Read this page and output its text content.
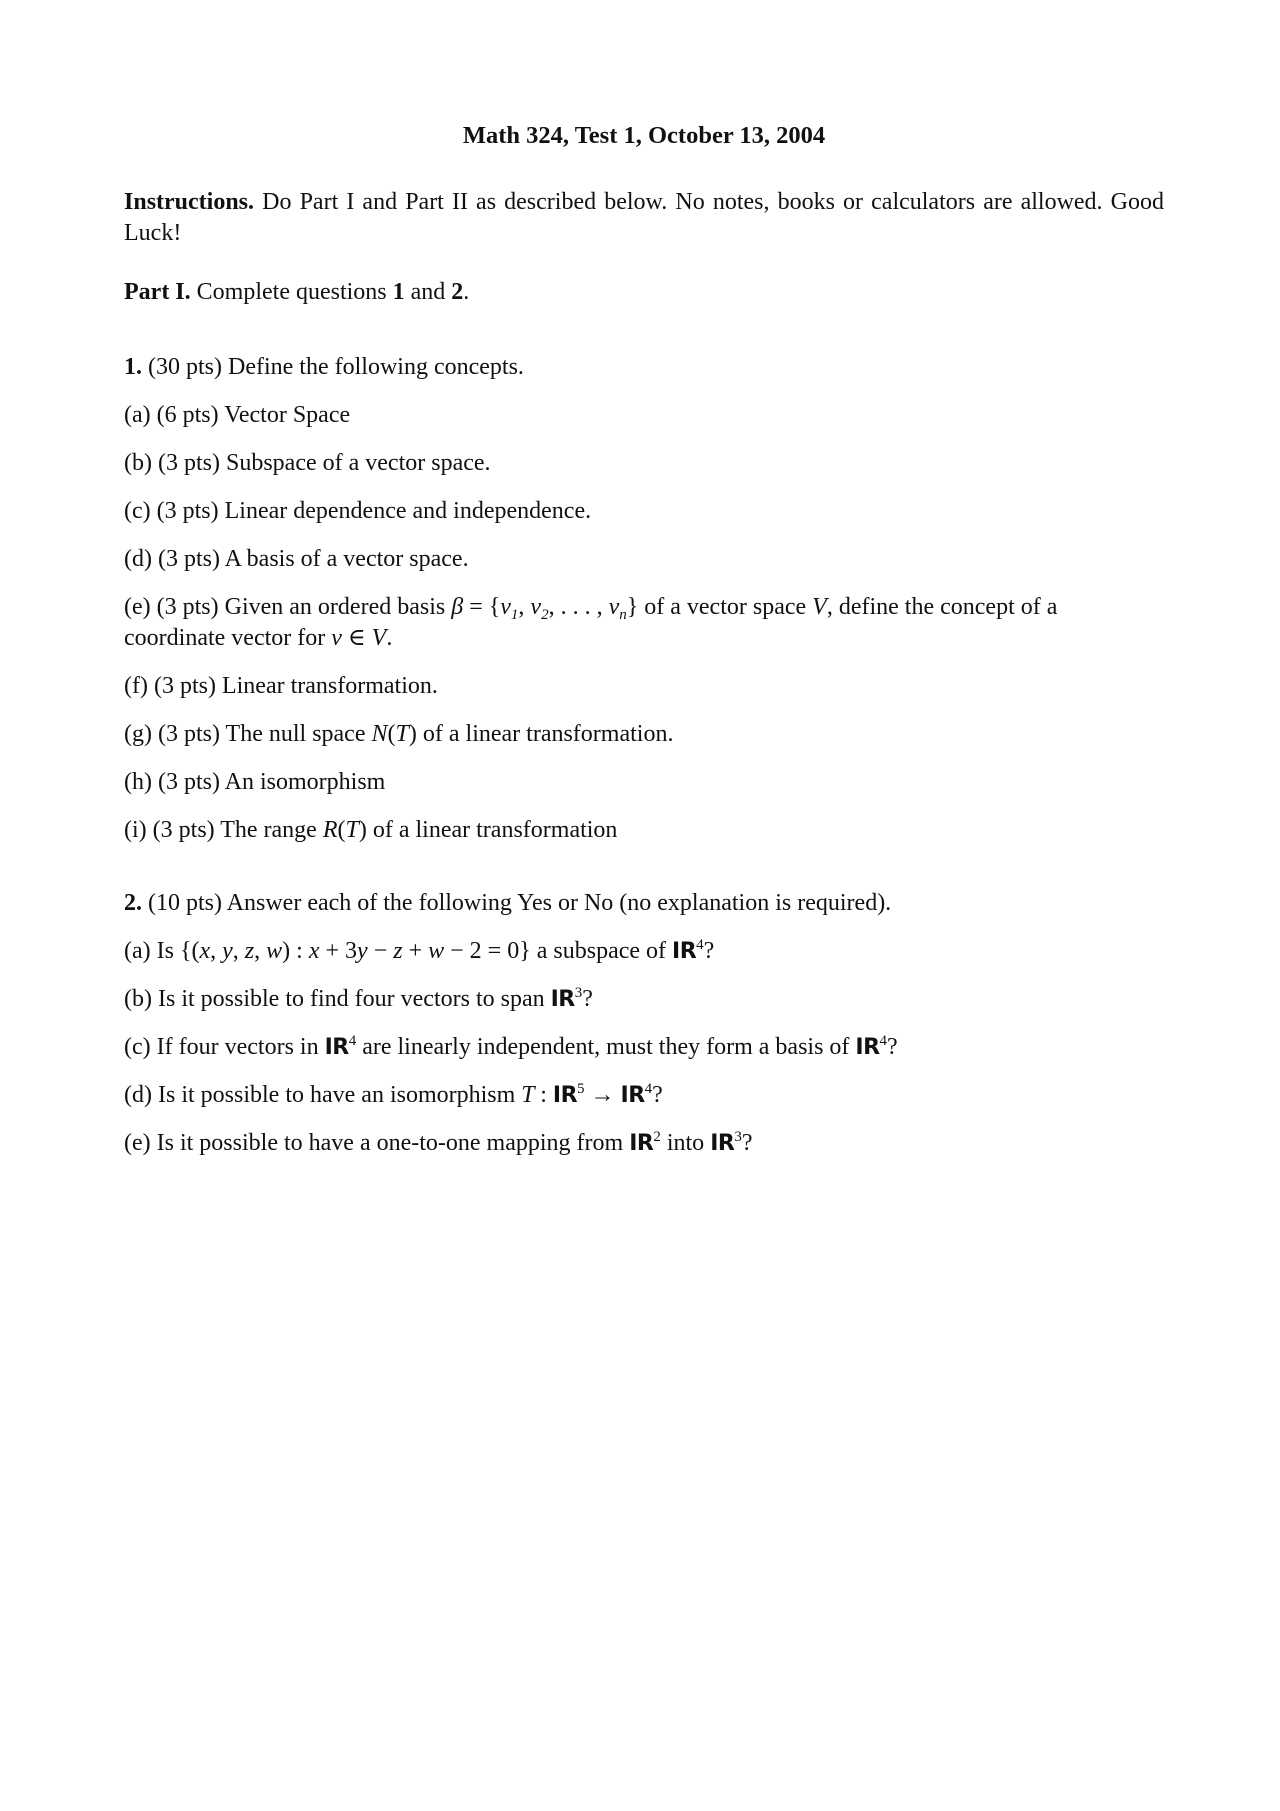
Math 324, Test 1, October 13, 2004
Instructions. Do Part I and Part II as described below. No notes, books or calculators are allowed. Good Luck!
Part I. Complete questions 1 and 2.
1. (30 pts) Define the following concepts.
(a) (6 pts) Vector Space
(b) (3 pts) Subspace of a vector space.
(c) (3 pts) Linear dependence and independence.
(d) (3 pts) A basis of a vector space.
(e) (3 pts) Given an ordered basis $\beta = \{v_1$, $v_2$, . . . , $v_n$} of a vector space V, define the concept of a coordinate vector for v ∈ V.
(f) (3 pts) Linear transformation.
(g) (3 pts) The null space N(T) of a linear transformation.
(h) (3 pts) An isomorphism
(i) (3 pts) The range R(T) of a linear transformation
2. (10 pts) Answer each of the following Yes or No (no explanation is required).
(a) Is {(x, y, z, w) : x + 3y − z + w − 2 = 0} a subspace of $IR^4$?
(b) Is it possible to find four vectors to span $IR^3$?
(c) If four vectors in $IR^4$ are linearly independent, must they form a basis of $IR^4$?
(d) Is it possible to have an isomorphism T : $IR^5 \to IR^4$?
(e) Is it possible to have a one-to-one mapping from $IR^2$ into $IR^3$?
